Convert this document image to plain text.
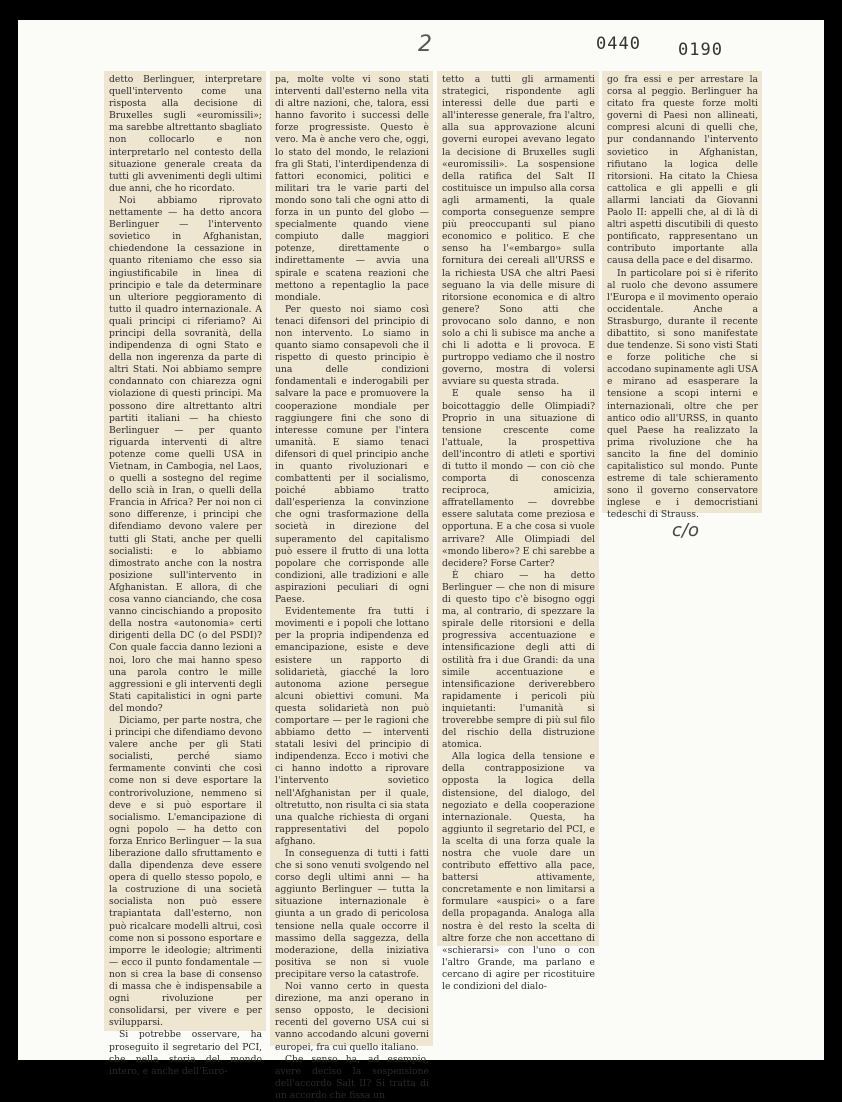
2	0440 0190

detto Berlinguer, interpretare quell'intervento come una risposta alla decisione di Bruxelles sugli «euromissili»; ma sarebbe altrettanto sbagliato non collocarlo e non interpretarlo nel contesto della situazione generale creata da tutti gli avvenimenti degli ultimi due anni, che ho ricordato.

Noi abbiamo riprovato nettamente — ha detto ancora Berlinguer — l'intervento sovietico in Afghanistan, chiedendone la cessazione in quanto riteniamo che esso sia ingiustificabile in linea di principio e tale da determinare un ulteriore peggioramento di tutto il quadro internazionale. A quali principi ci riferiamo? Ai principi della sovranità, della indipendenza di ogni Stato e della non ingerenza da parte di altri Stati. Noi abbiamo sempre condannato con chiarezza ogni violazione di questi principi. Ma possono dire altrettanto altri partiti italiani — ha chiesto Berlinguer — per quanto riguarda interventi di altre potenze come quelli USA in Vietnam, in Cambogia, nel Laos, o quelli a sostegno del regime dello scià in Iran, o quelli della Francia in Africa? Per noi non ci sono differenze, i principi che difendiamo devono valere per tutti gli Stati, anche per quelli socialisti: e lo abbiamo dimostrato anche con la nostra posizione sull'intervento in Afghanistan. E allora, di che cosa vanno cianciando, che cosa vanno cincischiando a proposito della nostra «autonomia» certi dirigenti della DC (o del PSDI)? Con quale faccia danno lezioni a noi, loro che mai hanno speso una parola contro le mille aggressioni e gli interventi degli Stati capitalistici in ogni parte del mondo?

Diciamo, per parte nostra, che i principi che difendiamo devono valere anche per gli Stati socialisti, perché siamo fermamente convinti che così come non si deve esportare la controrivoluzione, nemmeno si deve e si può esportare il socialismo. L'emancipazione di ogni popolo — ha detto con forza Enrico Berlinguer — la sua liberazione dallo sfruttamento e dalla dipendenza deve essere opera di quello stesso popolo, e la costruzione di una società socialista non può essere trapiantata dall'esterno, non può ricalcare modelli altrui, così come non si possono esportare e imporre le ideologie; altrimenti — ecco il punto fondamentale — non si crea la base di consenso di massa che è indispensabile a ogni rivoluzione per consolidarsi, per vivere e per svilupparsi.

Si potrebbe osservare, ha proseguito il segretario del PCI, che nella storia del mondo intero, e anche dell'Euro-

pa, molte volte vi sono stati interventi dall'esterno nella vita di altre nazioni, che, talora, essi hanno favorito i successi delle forze progressiste. Questo è vero. Ma è anche vero che, oggi, lo stato del mondo, le relazioni fra gli Stati, l'interdipendenza di fattori economici, politici e militari tra le varie parti del mondo sono tali che ogni atto di forza in un punto del globo — specialmente quando viene compiuto dalle maggiori potenze, direttamente o indirettamente — avvia una spirale e scatena reazioni che mettono a repentaglio la pace mondiale.

Per questo noi siamo così tenaci difensori del principio di non intervento. Lo siamo in quanto siamo consapevoli che il rispetto di questo principio è una delle condizioni fondamentali e inderogabili per salvare la pace e promuovere la cooperazione mondiale per raggiungere fini che sono di interesse comune per l'intera umanità. E siamo tenaci difensori di quel principio anche in quanto rivoluzionari e combattenti per il socialismo, poiché abbiamo tratto dall'esperienza la convinzione che ogni trasformazione della società in direzione del superamento del capitalismo può essere il frutto di una lotta popolare che corrisponde alle condizioni, alle tradizioni e alle aspirazioni peculiari di ogni Paese.

Evidentemente fra tutti i movimenti e i popoli che lottano per la propria indipendenza ed emancipazione, esiste e deve esistere un rapporto di solidarietà, giacché la loro autonoma azione persegue alcuni obiettivi comuni. Ma questa solidarietà non può comportare — per le ragioni che abbiamo detto — interventi statali lesivi del principio di indipendenza. Ecco i motivi che ci hanno indotto a riprovare l'intervento sovietico nell'Afghanistan per il quale, oltretutto, non risulta ci sia stata una qualche richiesta di organi rappresentativi del popolo afghano.

In conseguenza di tutti i fatti che si sono venuti svolgendo nel corso degli ultimi anni — ha aggiunto Berlinguer — tutta la situazione internazionale è giunta a un grado di pericolosa tensione nella quale occorre il massimo della saggezza, della moderazione, della iniziativa positiva se non si vuole precipitare verso la catastrofe.

Noi vanno certo in questa direzione, ma anzi operano in senso opposto, le decisioni recenti del governo USA cui si vanno accodando alcuni governi europei, fra cui quello italiano.

Che senso ha, ad esempio, avere deciso la sospensione dell'accordo Salt II? Si tratta di un accordo che fissa un

tetto a tutti gli armamenti strategici, rispondente agli interessi delle due parti e all'interesse generale, fra l'altro, alla sua approvazione alcuni governi europei avevano legato la decisione di Bruxelles sugli «euromissili». La sospensione della ratifica del Salt II costituisce un impulso alla corsa agli armamenti, la quale comporta conseguenze sempre più preoccupanti sul piano economico e politico. E che senso ha l'«embargo» sulla fornitura dei cereali all'URSS e la richiesta USA che altri Paesi seguano la via delle misure di ritorsione economica e di altro genere? Sono atti che provocano solo danno, e non solo a chi li subisce ma anche a chi li adotta e li provoca. E purtroppo vediamo che il nostro governo, mostra di volersi avviare su questa strada.

E quale senso ha il boicottaggio delle Olimpiadi? Proprio in una situazione di tensione crescente come l'attuale, la prospettiva dell'incontro di atleti e sportivi di tutto il mondo — con ciò che comporta di conoscenza reciproca, amicizia, affratellamento — dovrebbe essere salutata come preziosa e opportuna. E a che cosa si vuole arrivare? Alle Olimpiadi del «mondo libero»? E chi sarebbe a decidere? Forse Carter?

È chiaro — ha detto Berlinguer — che non di misure di questo tipo c'è bisogno oggi ma, al contrario, di spezzare la spirale delle ritorsioni e della progressiva accentuazione e intensificazione degli atti di ostilità fra i due Grandi: da una simile accentuazione e intensificazione deriverebbero rapidamente i pericoli più inquietanti: l'umanità si troverebbe sempre di più sul filo del rischio della distruzione atomica.

Alla logica della tensione e della contrapposizione va opposta la logica della distensione, del dialogo, del negoziato e della cooperazione internazionale. Questa, ha aggiunto il segretario del PCI, e la scelta di una forza quale la nostra che vuole dare un contributo effettivo alla pace, battersi attivamente, concretamente e non limitarsi a formulare «auspici» o a fare della propaganda. Analoga alla nostra è del resto la scelta di altre forze che non accettano di «schierarsi» con l'uno o con l'altro Grande, ma parlano e cercano di agire per ricostituire le condizioni del dialo-

go fra essi e per arrestare la corsa al peggio. Berlinguer ha citato fra queste forze molti governi di Paesi non allineati, compresi alcuni di quelli che, pur condannando l'intervento sovietico in Afghanistan, rifiutano la logica delle ritorsioni. Ha citato la Chiesa cattolica e gli appelli e gli allarmi lanciati da Giovanni Paolo II: appelli che, al di là di altri aspetti discutibili di questo pontificato, rappresentano un contributo importante alla causa della pace e del disarmo.

In particolare poi si è riferito al ruolo che devono assumere l'Europa e il movimento operaio occidentale. Anche a Strasburgo, durante il recente dibattito, si sono manifestate due tendenze. Si sono visti Stati e forze politiche che si accodano supinamente agli USA e mirano ad esasperare la tensione a scopi interni e internazionali, oltre che per antico odio all'URSS, in quanto quel Paese ha realizzato la prima rivoluzione che ha sancito la fine del dominio capitalistico sul mondo. Punte estreme di tale schieramento sono il governo conservatore inglese e i democristiani tedeschi di Strauss.

c/o
